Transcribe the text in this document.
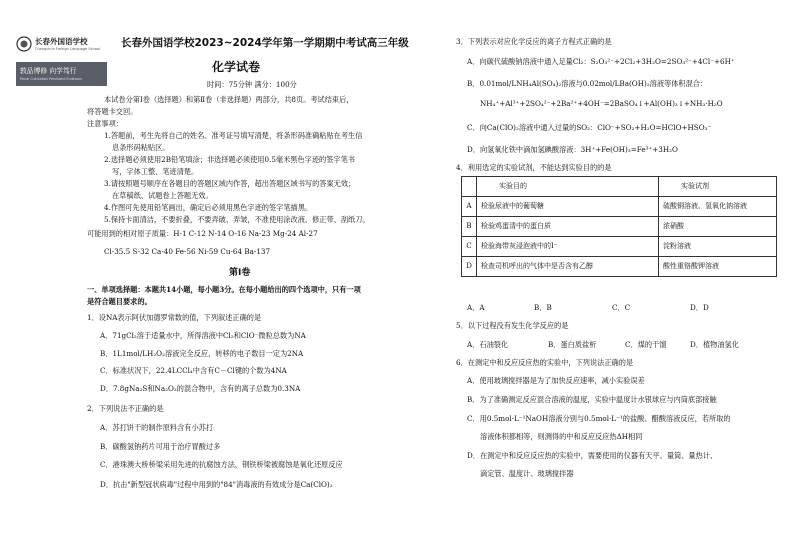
长春外国语学校
Changchun Foreign Language School
敦品博修 向学笃行
Moral Cultivation Persistent Endeavor
长春外国语学校2023~2024学年第一学期期中考试高三年级
化学试卷
时间：75分钟 满分：100分
本试卷分第Ⅰ卷（选择题）和第Ⅱ卷（非选择题）两部分，共8页。考试结束后，
将答题卡交回。
注意事项：
1.答题前，考生先将自己的姓名、准考证号填写清楚，将条形码准确粘贴在考生信
息条形码粘贴区。
2.选择题必须使用2B铅笔填涂；非选择题必须使用0.5毫米黑色字迹的签字笔书
写，字体工整、笔迹清楚。
3.请按照题号顺序在各题目的答题区域内作答，超出答题区域书写的答案无效；
在草稿纸、试题卷上答题无效。
4.作图可先使用铅笔画出，确定后必须用黑色字迹的签字笔描黑。
5.保持卡面清洁，不要折叠，不要弄破、弄皱，不准使用涂改液、修正带、刮纸刀。
可能用到的相对原子质量：H-1 C-12 N-14 O-16 Na-23 Mg-24 Al-27
Cl-35.5 S-32 Ca-40 Fe-56 Ni-59 Cu-64 Ba-137
第Ⅰ卷
一、单项选择题：本题共14小题，每小题3分。在每小题给出的四个选项中，只有一项
是符合题目要求的。
1．设NA表示阿伏加德罗常数的值，下列叙述正确的是
A．71gCl₂溶于适量水中，所得溶液中Cl₂和ClO⁻微粒总数为NA
B．1L1mol/LH₂O₂溶液完全反应，转移的电子数目一定为2NA
C．标准状况下，22.4LCCl₄中含有C－Cl键的个数为4NA
D．7.8gNa₂S和Na₂O₂的混合物中，含有的离子总数为0.3NA
2．下列说法不正确的是
A．苏打饼干的制作原料含有小苏打
B．碳酸氢钠药片可用于治疗胃酸过多
C．港珠澳大桥桥梁采用先进的抗腐蚀方法，钢铁桥梁被腐蚀是氧化还原反应
D．抗击"新型冠状病毒"过程中用到的"84"消毒液的有效成分是Ca(ClO)₂
3．下列表示对应化学反应的离子方程式正确的是
A．向碳代硫酸钠溶液中通入足量Cl₂：S₂O₃²⁻+2Cl₂+3H₂O=2SO₃²⁻+4Cl⁻+6H⁺
B．0.01mol/LNH₄Al(SO₄)₂溶液与0.02mol/LBa(OH)₂溶液等体积混合：
NH₄⁺+Al³⁺+2SO₄²⁻+2Ba²⁺+4OH⁻=2BaSO₄↓+Al(OH)₃↓+NH₃·H₂O
C．向Ca(ClO)₂溶液中通入过量的SO₂：ClO⁻+SO₂+H₂O=HClO+HSO₃⁻
D．向氢氧化铁中滴加氢碘酸溶液：3H⁺+Fe(OH)₃=Fe³⁺+3H₂O
4．利用选定的实验试剂，不能达到实验目的的是
	实验目的	实验试剂
A	检验尿液中的葡萄糖	硫酸铜溶液、氢氧化钠溶液
B	检验鸡蛋清中的蛋白质	浓硝酸
C	检验海带灰浸泡液中的I⁻	淀粉溶液
D	检查司机呼出的气体中是否含有乙醇	酸性重铬酸钾溶液
A．A	B．B	C．C	D．D
5．以下过程没有发生化学反应的是
A．石油裂化	B．蛋白质盐析	C．煤的干馏	D．植物油氢化
6．在测定中和反应反应热的实验中，下列说法正确的是
A．使用玻璃搅拌器是为了加快反应速率，减小实验误差
B．为了准确测定反应混合溶液的温度，实验中温度计水银球应与内筒底部接触
C．用0.5mol·L⁻¹NaOH溶液分别与0.5mol·L⁻¹的盐酸、醋酸溶液反应，若所取的
溶液体积都相等，则测得的中和反应反应热ΔH相同
D．在测定中和反应反应热的实验中，需要使用的仪器有天平、量筒、量热计、
滴定管、温度计、玻璃搅拌器
